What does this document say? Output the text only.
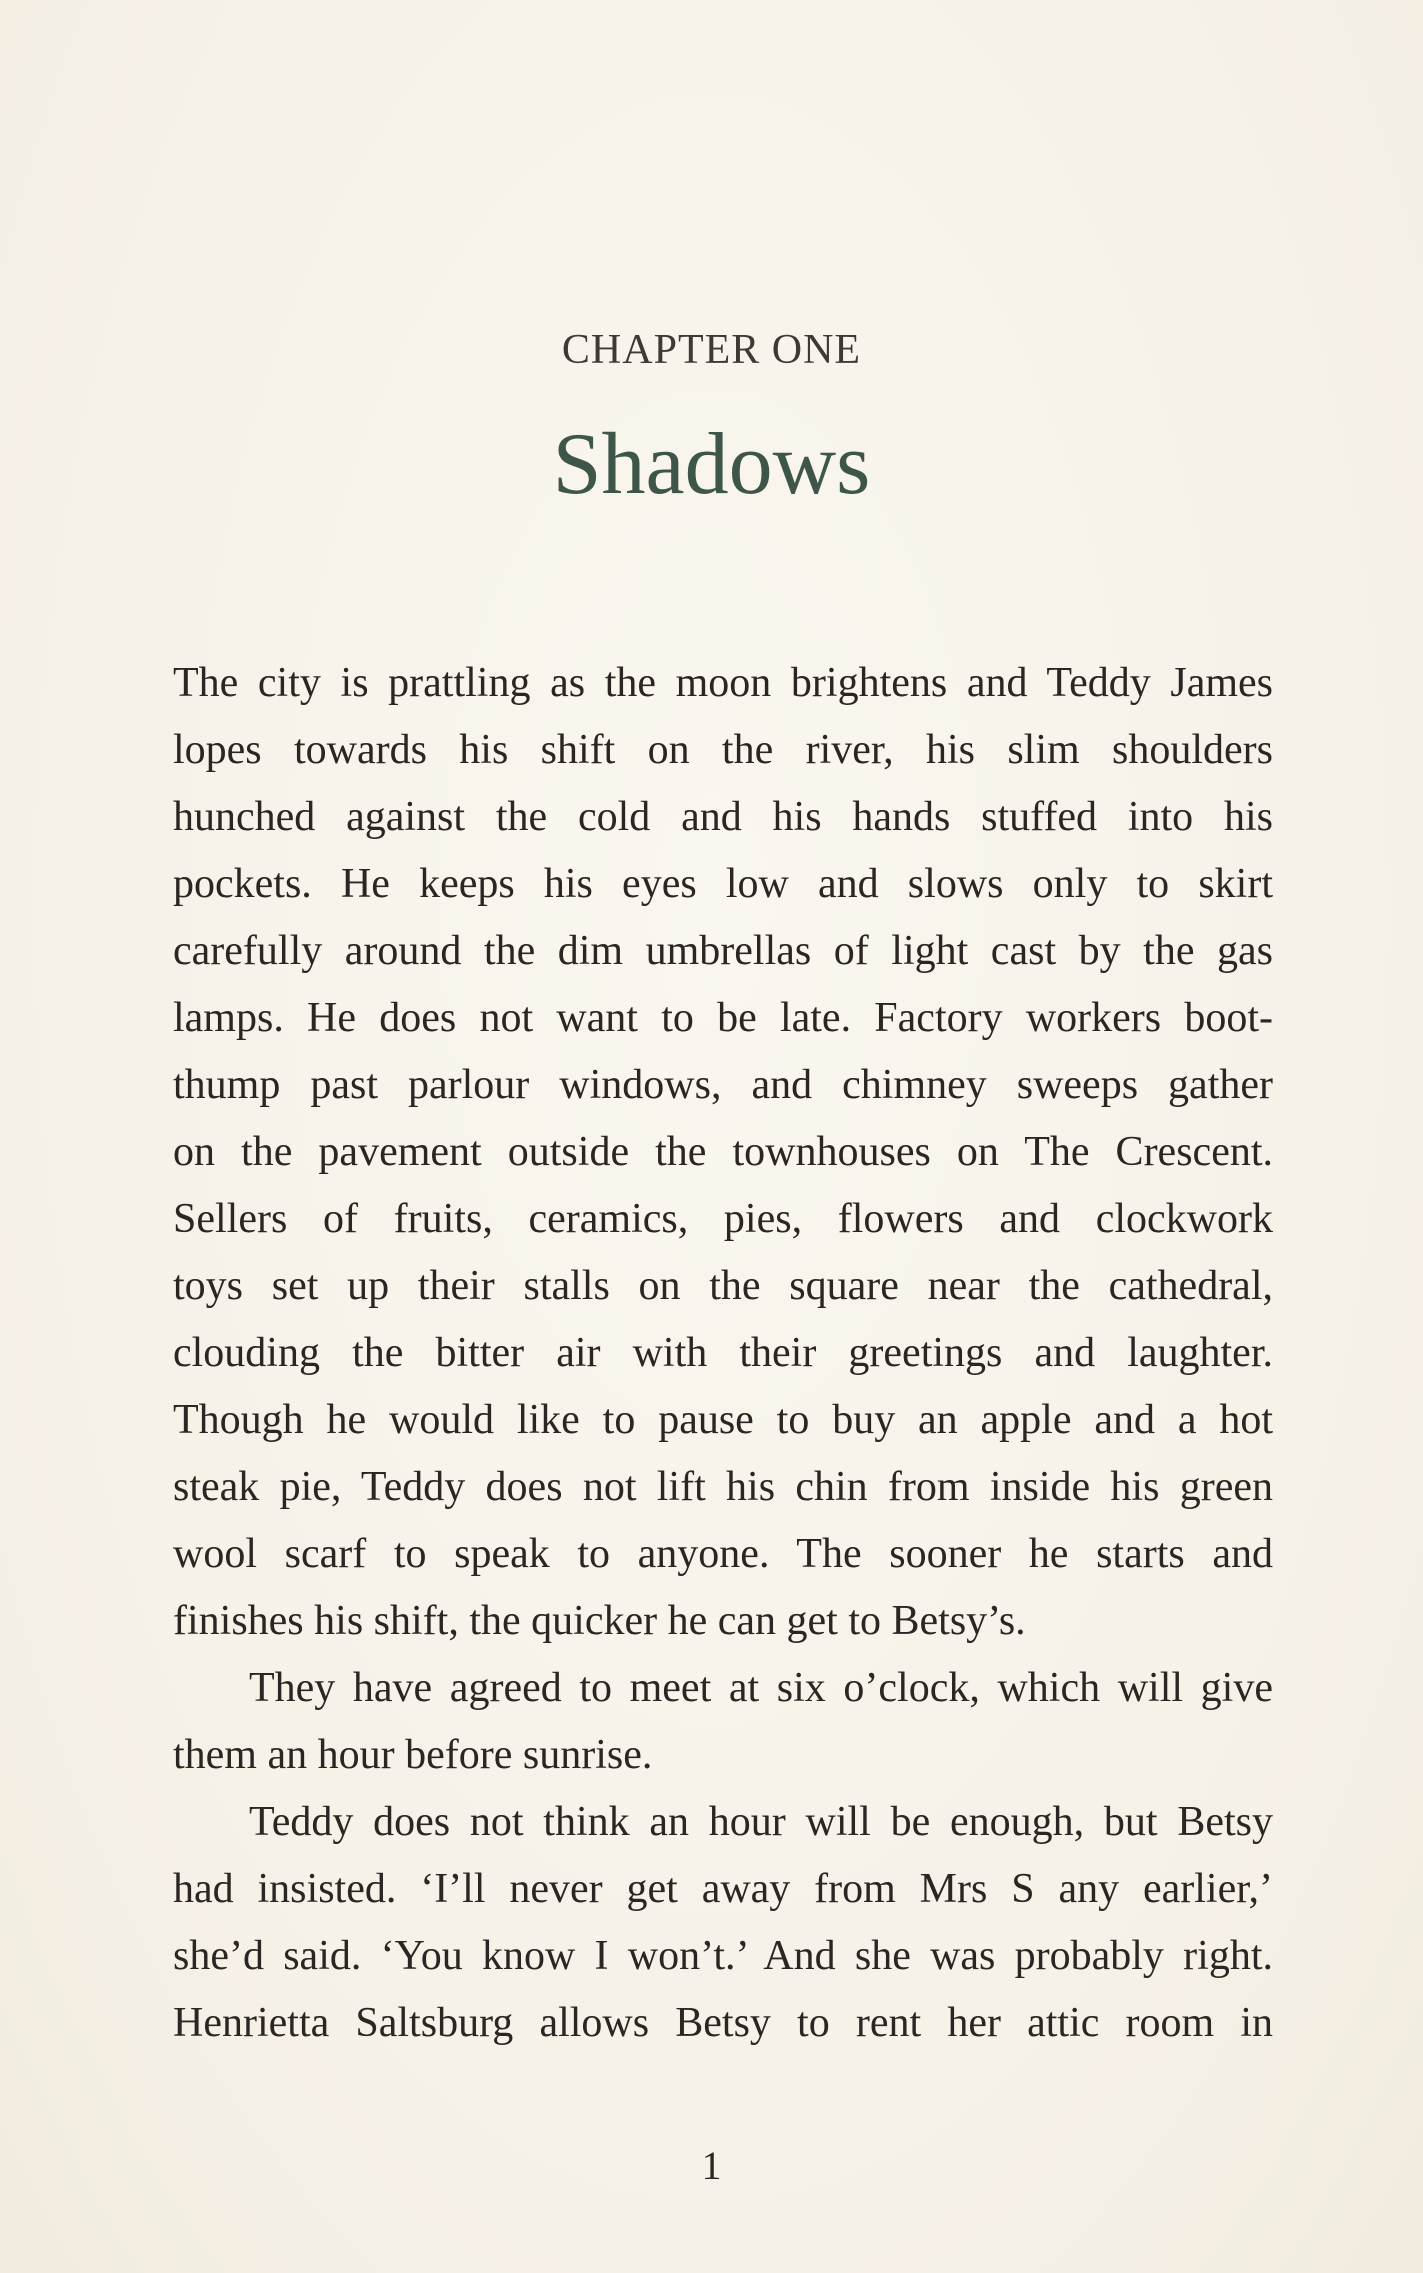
CHAPTER ONE
Shadows
The city is prattling as the moon brightens and Teddy James
lopes towards his shift on the river, his slim shoulders
hunched against the cold and his hands stuffed into his
pockets. He keeps his eyes low and slows only to skirt
carefully around the dim umbrellas of light cast by the gas
lamps. He does not want to be late. Factory workers boot-
thump past parlour windows, and chimney sweeps gather
on the pavement outside the townhouses on The Crescent.
Sellers of fruits, ceramics, pies, flowers and clockwork
toys set up their stalls on the square near the cathedral,
clouding the bitter air with their greetings and laughter.
Though he would like to pause to buy an apple and a hot
steak pie, Teddy does not lift his chin from inside his green
wool scarf to speak to anyone. The sooner he starts and
finishes his shift, the quicker he can get to Betsy’s.
They have agreed to meet at six o’clock, which will give
them an hour before sunrise.
Teddy does not think an hour will be enough, but Betsy
had insisted. ‘I’ll never get away from Mrs S any earlier,’
she’d said. ‘You know I won’t.’ And she was probably right.
Henrietta Saltsburg allows Betsy to rent her attic room in
1
